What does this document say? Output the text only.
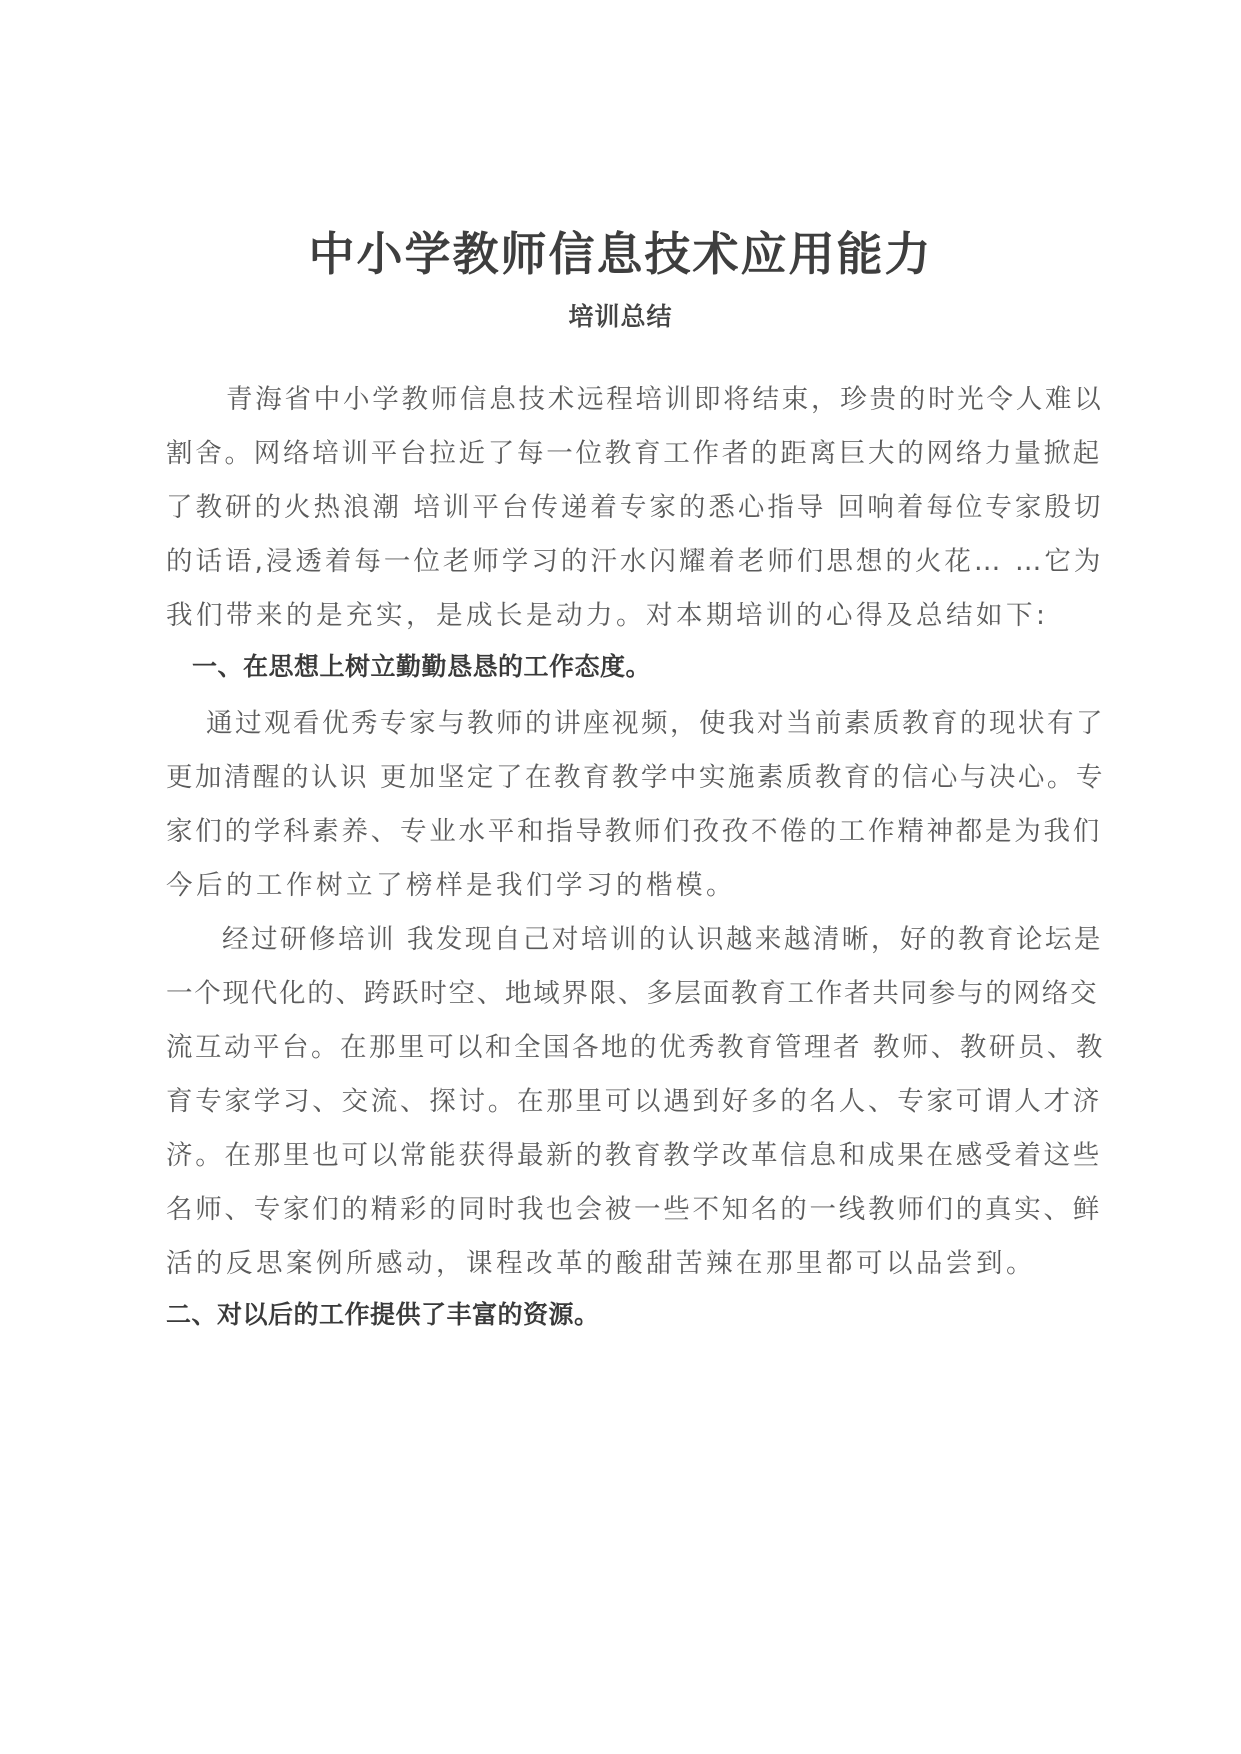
中小学教师信息技术应用能力
培训总结
青海省中小学教师信息技术远程培训即将结束，珍贵的时光令人难以
割舍。网络培训平台拉近了每一位教育工作者的距离巨大的网络力量掀起
了教研的火热浪潮 培训平台传递着专家的悉心指导 回响着每位专家殷切
的话语,浸透着每一位老师学习的汗水闪耀着老师们思想的火花… …它为
我们带来的是充实，是成长是动力。对本期培训的心得及总结如下:
一、在思想上树立勤勤恳恳的工作态度。
通过观看优秀专家与教师的讲座视频，使我对当前素质教育的现状有了
更加清醒的认识 更加坚定了在教育教学中实施素质教育的信心与决心。专
家们的学科素养、专业水平和指导教师们孜孜不倦的工作精神都是为我们
今后的工作树立了榜样是我们学习的楷模。
经过研修培训 我发现自己对培训的认识越来越清晰，好的教育论坛是
一个现代化的、跨跃时空、地域界限、多层面教育工作者共同参与的网络交
流互动平台。在那里可以和全国各地的优秀教育管理者 教师、教研员、教
育专家学习、交流、探讨。在那里可以遇到好多的名人、专家可谓人才济
济。在那里也可以常能获得最新的教育教学改革信息和成果在感受着这些
名师、专家们的精彩的同时我也会被一些不知名的一线教师们的真实、鲜
活的反思案例所感动，课程改革的酸甜苦辣在那里都可以品尝到。
二、对以后的工作提供了丰富的资源。
